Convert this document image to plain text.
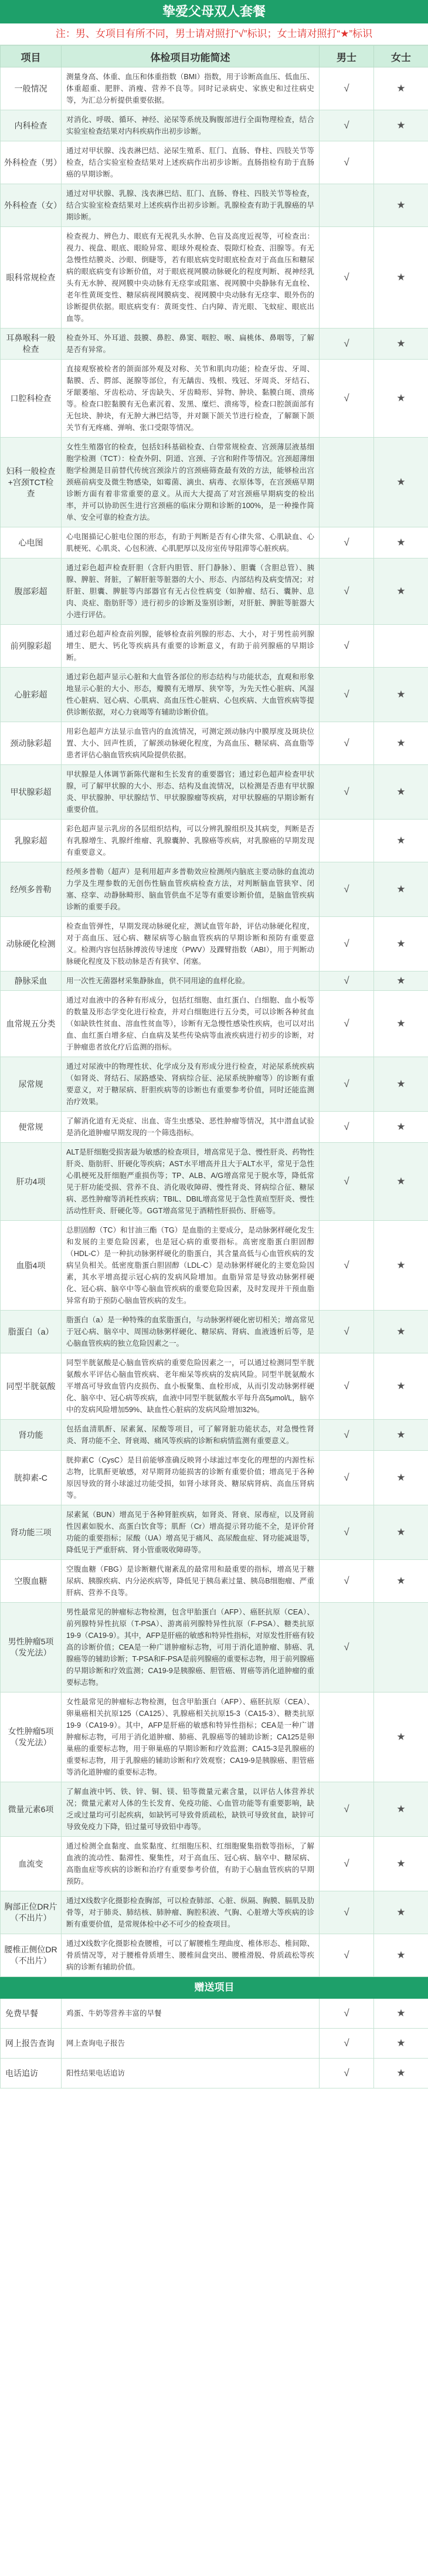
挚爱父母双人套餐
注：男、女项目有所不同，男士请对照打“√”标识；女士请对照打“★”标识
项目	体检项目功能简述	男士	女士
一般情况	测量身高、体重、血压和体重指数（BMI）指数，用于诊断高血压、低血压、体重超重、肥胖、消瘦、营养不良等。同时记录病史、家族史和过往病史等，为汇总分析提供重要依据。	√	★
内科检查	对消化、呼吸、循环、神经、泌尿等系统及胸腹部进行全面物理检查，结合实验室检查结果对内科疾病作出初步诊断。	√	★
外科检查（男）	通过对甲状腺、浅表淋巴结、泌尿生殖系、肛门、直肠、脊柱、四肢关节等检查，结合实验室检查结果对上述疾病作出初步诊断。直肠指检有助于直肠癌的早期诊断。	√	
外科检查（女）	通过对甲状腺、乳腺、浅表淋巴结、肛门、直肠、脊柱、四肢关节等检查，结合实验室检查结果对上述疾病作出初步诊断。乳腺检查有助于乳腺癌的早期诊断。		★
眼科常规检查	检查视力、辨色力、眼底有无视乳头水肿、色盲及高度近视等，可检查出：视力、视盘、眼底、眼睑异常、眼球外观检查、裂隙灯检查、泪腺等。有无急慢性结膜炎、沙眼、倒睫等，若有眼底病变时眼底检查对于高血压和糖尿病的眼底病变有诊断价值，对于眼底视网膜动脉硬化的程度判断、视神经乳头有无水肿、视网膜中央动脉有无痉挛或阻塞、视网膜中央静脉有无血栓、老年性黄斑变性、糖尿病视网膜病变、视网膜中央动脉有无痉挛、眼外伤的诊断提供依据。眼底病变有：黄斑变性、白内障、青光眼、飞蚊症、眼底出血等。	√	★
耳鼻喉科一般检查	检查外耳、外耳道、鼓膜、鼻腔、鼻窦、咽腔、喉、扁桃体、鼻咽等，了解是否有异常。	√	★
口腔科检查	直接观察被检者的颌面部外观及对称、关节和肌肉功能；检查牙齿、牙周、黏膜、舌、腭部、涎腺等部位，有无龋齿、残根、残冠、牙周炎、牙结石、牙龈萎缩、牙齿松动、牙齿缺失、牙齿畸形、异物、肿块、黏膜白斑、溃疡等。检查口腔黏膜有无色素沉着、发黑、糜烂、溃疡等，检查口腔颌面部有无包块、肿块，有无肿大淋巴结等，并对颞下颌关节进行检查，了解颞下颌关节有无疼痛、弹响、张口受限等情况。	√	★
妇科一般检查+宫颈TCT检查	女性生殖器官的检查，包括妇科基础检查、白带常规检查、宫颈薄层液基细胞学检测（TCT）：检查外阴、阴道、宫颈、子宫和附件等情况。宫颈超薄细胞学检测是目前替代传统宫颈涂片的宫颈癌筛查最有效的方法，能够检出宫颈癌前病变及微生物感染，如霉菌、滴虫、病毒、衣原体等，在宫颈癌早期诊断方面有着非常重要的意义。从而大大提高了对宫颈癌早期病变的检出率，并可以协助医生进行宫颈癌的临床分期和诊断的100%，是一种操作简单、安全可靠的检查方法。		★
心电图	心电图描记心脏电位图的形态，有助于判断是否有心律失常、心肌缺血、心肌梗死、心肌炎、心包积液、心肌肥厚以及房室传导阻滞等心脏疾病。	√	★
腹部彩超	通过彩色超声检查肝胆（含肝内胆管、肝门静脉）、胆囊（含胆总管）、胰腺、脾脏、肾脏，了解肝脏等脏器的大小、形态、内部结构及病变情况；对肝脏、胆囊、脾脏等内部器官有无占位性病变（如肿瘤、结石、囊肿、息肉、炎症、脂肪肝等）进行初步的诊断及鉴别诊断，对肝脏、脾脏等脏器大小进行评估。	√	★
前列腺彩超	通过彩色超声检查前列腺，能够检查前列腺的形态、大小，对于男性前列腺增生、肥大、钙化等疾病具有重要的诊断意义，有助于前列腺癌的早期诊断。	√	
心脏彩超	通过彩色超声显示心脏和大血管各部位的形态结构与功能状态，直观和形象地显示心脏的大小、形态，瓣膜有无增厚、狭窄等，为先天性心脏病、风湿性心脏病、冠心病、心肌病、高血压性心脏病、心包疾病、大血管疾病等提供诊断依据，对心力衰竭等有辅助诊断价值。	√	★
颈动脉彩超	用彩色超声方法显示血管内的血流情况，可测定颈动脉内中膜厚度及斑块位置、大小、回声性质，了解颈动脉硬化程度，为高血压、糖尿病、高血脂等患者评估心脑血管疾病风险提供依据。	√	★
甲状腺彩超	甲状腺是人体调节新陈代谢和生长发育的重要器官；通过彩色超声检查甲状腺，可了解甲状腺的大小、形态、结构及血流情况，以检测是否患有甲状腺炎、甲状腺肿、甲状腺结节、甲状腺腺瘤等疾病，对甲状腺癌的早期诊断有重要价值。	√	★
乳腺彩超	彩色超声显示乳房的各层组织结构，可以分辨乳腺组织及其病变，判断是否有乳腺增生、乳腺纤维瘤、乳腺囊肿、乳腺癌等疾病，对乳腺癌的早期发现有重要意义。		★
经颅多普勒	经颅多普勒（超声）是利用超声多普勒效应检测颅内脑底主要动脉的血流动力学及生理参数的无创伤性脑血管疾病检查方法，对判断脑血管狭窄、闭塞、痉挛、动静脉畸形、脑血管供血不足等有重要诊断价值，是脑血管疾病诊断的重要手段。	√	★
动脉硬化检测	检查血管弹性，早期发现动脉硬化症，测试血管年龄，评估动脉硬化程度，对于高血压、冠心病、糖尿病等心脑血管疾病的早期诊断和预防有重要意义。检测内容包括脉搏波传导速度（PWV）及踝臂指数（ABI），用于判断动脉硬化程度及下肢动脉是否有狭窄、闭塞。	√	★
静脉采血	用一次性无菌器材采集静脉血，供不同用途的血样化验。	√	★
血常规五分类	通过对血液中的各种有形成分，包括红细胞、血红蛋白、白细胞、血小板等的数量及形态学变化进行检查，并对白细胞进行五分类，可以诊断各种贫血（如缺铁性贫血、溶血性贫血等），诊断有无急慢性感染性疾病，也可以对出血、血红蛋白增多症、白血病及某些传染病等血液疾病进行初步的诊断，对于肿瘤患者放化疗后监测的指标。	√	★
尿常规	通过对尿液中的物理性状、化学成分及有形成分进行检查，对泌尿系统疾病（如肾炎、肾结石、尿路感染、肾病综合征、泌尿系统肿瘤等）的诊断有重要意义，对于糖尿病、肝胆疾病等的诊断也有重要参考价值，同时还能监测治疗效果。	√	★
便常规	了解消化道有无炎症、出血、寄生虫感染、恶性肿瘤等情况，其中潜血试验是消化道肿瘤早期发现的一个筛选指标。	√	★
肝功4项	ALT是肝细胞受损害最为敏感的检查项目，增高常见于急、慢性肝炎、药物性肝炎、脂肪肝、肝硬化等疾病；AST水平增高并且大于ALT水平，常见于急性心肌梗死及肝细胞严重损伤等；TP、ALB、A/G增高常见于脱水等，降低常见于肝功能受损、营养不良、消化吸收障碍、慢性肾炎、肾病综合征、糖尿病、恶性肿瘤等消耗性疾病；TBIL、DBIL增高常见于急性黄疸型肝炎、慢性活动性肝炎、肝硬化等。GGT增高常见于酒精性肝损伤、肝癌等。	√	★
血脂4项	总胆固醇（TC）和甘油三酯（TG）是血脂的主要成分，是动脉粥样硬化发生和发展的主要危险因素，也是冠心病的重要指标。高密度脂蛋白胆固醇（HDL-C）是一种抗动脉粥样硬化的脂蛋白，其含量高低与心血管疾病的发病呈负相关。低密度脂蛋白胆固醇（LDL-C）是动脉粥样硬化的主要危险因素，其水平增高提示冠心病的发病风险增加。血脂异常是导致动脉粥样硬化、冠心病、脑卒中等心脑血管疾病的重要危险因素，及时发现并干预血脂异常有助于预防心脑血管疾病的发生。	√	★
脂蛋白（a）	脂蛋白（a）是一种特殊的血浆脂蛋白，与动脉粥样硬化密切相关；增高常见于冠心病、脑卒中、周围动脉粥样硬化、糖尿病、肾病、血液透析后等，是心脑血管疾病的独立危险因素之一。	√	★
同型半胱氨酸	同型半胱氨酸是心脑血管疾病的重要危险因素之一，可以通过检测同型半胱氨酸水平评估心脑血管疾病、老年痴呆等疾病的发病风险。同型半胱氨酸水平增高可导致血管内皮损伤、血小板聚集、血栓形成，从而引发动脉粥样硬化、脑卒中、冠心病等疾病，血液中同型半胱氨酸水平每升高5μmol/L，脑卒中的发病风险增加59%、缺血性心脏病的发病风险增加32%。	√	★
肾功能	包括血清肌酐、尿素氮、尿酸等项目，可了解肾脏功能状态，对急慢性肾炎、肾功能不全、肾衰竭、痛风等疾病的诊断和病情监测有重要意义。	√	★
胱抑素-C	胱抑素C（CysC）是目前能够准确反映肾小球滤过率变化的理想的内源性标志物，比肌酐更敏感，对早期肾功能损害的诊断有重要价值；增高见于各种原因导致的肾小球滤过功能受损，如肾小球肾炎、糖尿病肾病、高血压肾病等。	√	★
肾功能三项	尿素氮（BUN）增高见于各种肾脏疾病，如肾炎、肾衰、尿毒症，以及肾前性因素如脱水、高蛋白饮食等；肌酐（Cr）增高提示肾功能不全，是评价肾功能的重要指标；尿酸（UA）增高见于痛风、高尿酸血症、肾功能减退等，降低见于严重肝病、肾小管重吸收障碍等。	√	★
空腹血糖	空腹血糖（FBG）是诊断糖代谢紊乱的最常用和最重要的指标，增高见于糖尿病、胰腺疾病、内分泌疾病等，降低见于胰岛素过量、胰岛B细胞瘤、严重肝病、营养不良等。	√	★
男性肿瘤5项（发光法）	男性最常见的肿瘤标志物检测，包含甲胎蛋白（AFP）、癌胚抗原（CEA）、前列腺特异性抗原（T-PSA）、游离前列腺特异性抗原（F-PSA）、糖类抗原19-9（CA19-9）。其中，AFP是肝癌的敏感和特异性指标，对原发性肝癌有较高的诊断价值；CEA是一种广谱肿瘤标志物，可用于消化道肿瘤、肺癌、乳腺癌等的辅助诊断；T-PSA和F-PSA是前列腺癌的重要标志物，用于前列腺癌的早期诊断和疗效监测；CA19-9是胰腺癌、胆管癌、胃癌等消化道肿瘤的重要标志物。	√	
女性肿瘤5项（发光法）	女性最常见的肿瘤标志物检测，包含甲胎蛋白（AFP）、癌胚抗原（CEA）、卵巢癌相关抗原125（CA125）、乳腺癌相关抗原15-3（CA15-3）、糖类抗原19-9（CA19-9）。其中，AFP是肝癌的敏感和特异性指标；CEA是一种广谱肿瘤标志物，可用于消化道肿瘤、肺癌、乳腺癌等的辅助诊断；CA125是卵巢癌的重要标志物，用于卵巢癌的早期诊断和疗效监测；CA15-3是乳腺癌的重要标志物，用于乳腺癌的辅助诊断和疗效观察；CA19-9是胰腺癌、胆管癌等消化道肿瘤的重要标志物。		★
微量元素6项	了解血液中钙、铁、锌、铜、镁、铅等微量元素含量，以评估人体营养状况；微量元素对人体的生长发育、免疫功能、心血管功能等有重要影响，缺乏或过量均可引起疾病，如缺钙可导致骨质疏松，缺铁可导致贫血，缺锌可导致免疫力下降，铅过量可导致铅中毒等。	√	★
血流变	通过检测全血黏度、血浆黏度、红细胞压积、红细胞聚集指数等指标，了解血液的流动性、黏滞性、聚集性，对于高血压、冠心病、脑卒中、糖尿病、高脂血症等疾病的诊断和治疗有重要参考价值，有助于心脑血管疾病的早期预防。	√	★
胸部正位DR片（不出片）	通过X线数字化摄影检查胸部，可以检查肺部、心脏、纵隔、胸膜、膈肌及肋骨等，对于肺炎、肺结核、肺肿瘤、胸腔积液、气胸、心脏增大等疾病的诊断有重要价值，是常规体检中必不可少的检查项目。	√	★
腰椎正侧位DR（不出片）	通过X线数字化摄影检查腰椎，可以了解腰椎生理曲度、椎体形态、椎间隙、骨质情况等，对于腰椎骨质增生、腰椎间盘突出、腰椎滑脱、骨质疏松等疾病的诊断有辅助价值。	√	★
赠送项目			
免费早餐	鸡蛋、牛奶等营养丰富的早餐	√	★
网上报告查询	网上查询电子报告	√	★
电话追访	阳性结果电话追访	√	★
